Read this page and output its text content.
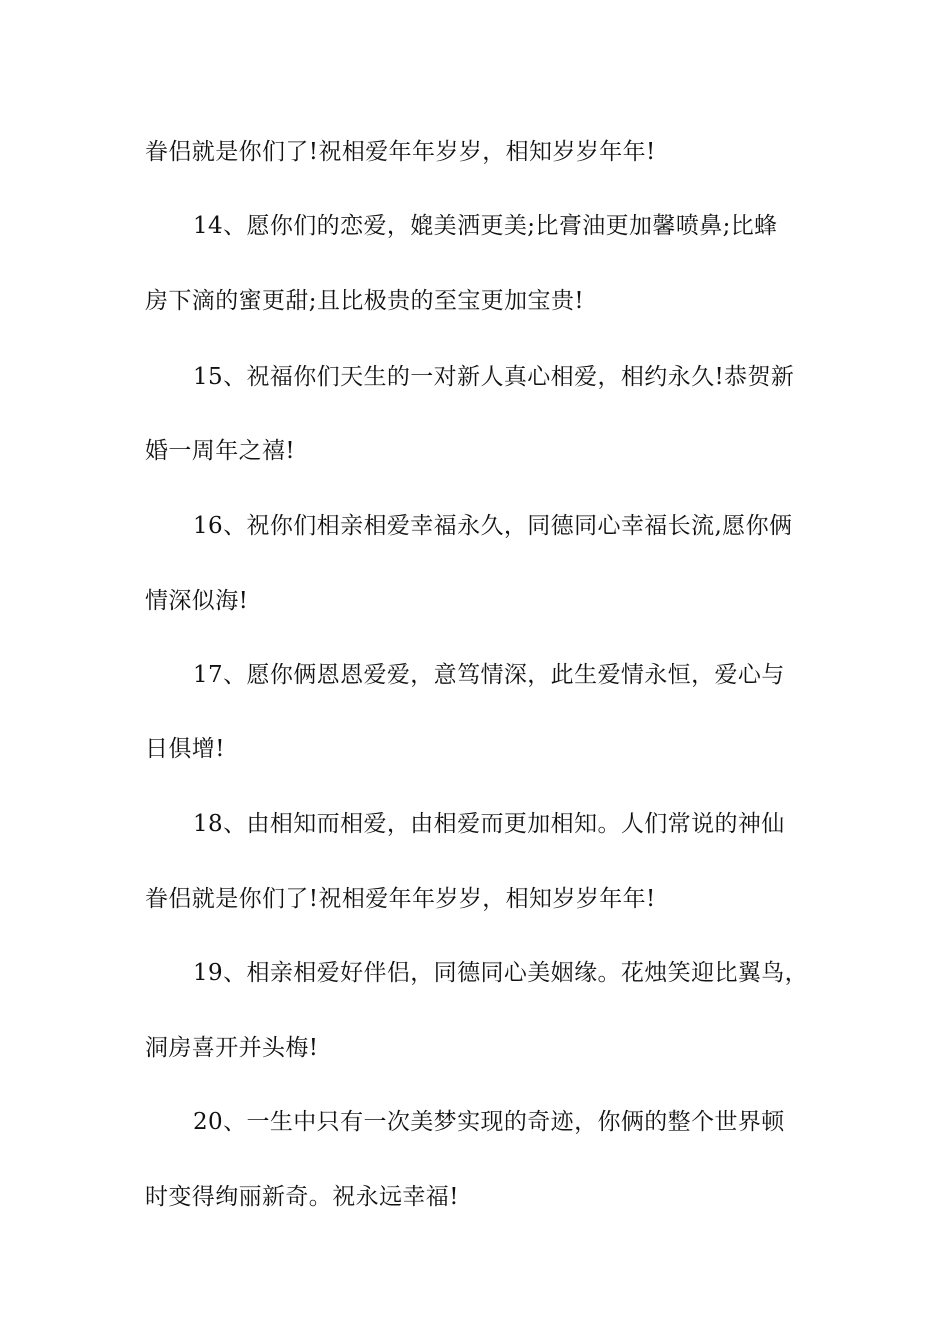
眷侣就是你们了!祝相爱年年岁岁，相知岁岁年年!
14、愿你们的恋爱，媲美洒更美;比膏油更加馨喷鼻;比蜂
房下滴的蜜更甜;且比极贵的至宝更加宝贵!
15、祝福你们天生的一对新人真心相爱，相约永久!恭贺新
婚一周年之禧!
16、祝你们相亲相爱幸福永久，同德同心幸福长流,愿你俩
情深似海!
17、愿你俩恩恩爱爱，意笃情深，此生爱情永恒，爱心与
日俱增!
18、由相知而相爱，由相爱而更加相知。人们常说的神仙
眷侣就是你们了!祝相爱年年岁岁，相知岁岁年年!
19、相亲相爱好伴侣，同德同心美姻缘。花烛笑迎比翼鸟，
洞房喜开并头梅!
20、一生中只有一次美梦实现的奇迹，你俩的整个世界顿
时变得绚丽新奇。祝永远幸福!
